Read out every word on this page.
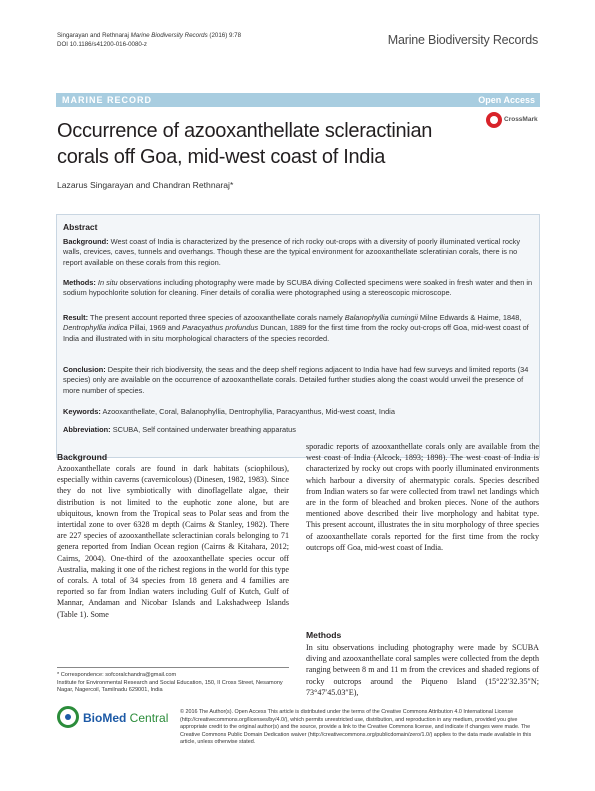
Singarayan and Rethnaraj Marine Biodiversity Records (2016) 9:78
DOI 10.1186/s41200-016-0080-z	Marine Biodiversity Records
MARINE RECORD	Open Access
Occurrence of azooxanthellate scleractinian corals off Goa, mid-west coast of India
CrossMark
Lazarus Singarayan and Chandran Rethnaraj*
Abstract

Background: West coast of India is characterized by the presence of rich rocky out-crops with a diversity of poorly illuminated vertical rocky walls, crevices, caves, tunnels and overhangs. Though these are the typical environment for azooxanthellate scleratinian corals, there is no report available on these corals from this region.

Methods: In situ observations including photography were made by SCUBA diving Collected specimens were soaked in fresh water and then in sodium hypochlorite solution for cleaning. Finer details of corallia were photographed using a stereoscopic microscope.

Result: The present account reported three species of azooxanthellate corals namely Balanophyllia cumingii Milne Edwards & Haime, 1848, Dentrophyllia indica Pillai, 1969 and Paracyathus profundus Duncan, 1889 for the first time from the rocky out-crops off Goa, mid-west coast of India and illustrated with in situ morphological characters of the species recorded.

Conclusion: Despite their rich biodiversity, the seas and the deep shelf regions adjacent to India have had few surveys and limited reports (34 species) only are available on the occurrence of azooxanthellate corals. Detailed further studies along the coast would unveil the presence of more number of species.

Keywords: Azooxanthellate, Coral, Balanophyllia, Dentrophyllia, Paracyanthus, Mid-west coast, India

Abbreviation: SCUBA, Self contained underwater breathing apparatus

Background

Azooxanthellate corals are found in dark habitats (sciophilous), especially within caverns (cavernicolous) (Dinesen, 1982, 1983). Since they do not live symbiotically with dinoflagellate algae, their distribution is not limited to the euphotic zone alone, but are ubiquitous, known from the Tropical seas to Polar seas and from the intertidal zone to over 6328 m depth (Cairns & Stanley, 1982). There are 227 species of azooxanthellate scleractinian corals belonging to 71 genera reported from Indian Ocean region (Cairns & Kitahara, 2012; Cairns, 2004). One-third of the azooxanthellate species occur off Australia, making it one of the richest regions in the world for this type of corals. A total of 34 species from 18 genera and 4 families are reported so far from Indian waters including Gulf of Kutch, Gulf of Mannar, Andaman and Nicobar Islands and Lakshadweep Islands (Table 1). Some

sporadic reports of azooxanthellate corals only are available from the west coast of India (Alcock, 1893; 1898). The west coast of India is characterized by rocky out crops with poorly illuminated environments which harbour a diversity of ahermatypic corals. Species described from Indian waters so far were collected from trawl net landings which are in the form of bleached and broken pieces. None of the authors mentioned above described their live morphology and habitat type. This present account, illustrates the in situ morphology of three species of azooxanthellate corals reported for the first time from the rocky outcrops off Goa, mid-west coast of India.

Methods

In situ observations including photography were made by SCUBA diving and azooxanthellate coral samples were collected from the depth ranging between 8 m and 11 m from the crevices and shaded regions of rocky outcrops around the Piqueno Island (15°22′32.35″N; 73°47′45.03″E),

* Correspondence: sofcoralchandra@gmail.com
Institute for Environmental Research and Social Education, 150, II Cross Street, Nesamony Nagar, Nagercoil, Tamilnadu 629001, India
BioMed Central © 2016 The Author(s). Open Access This article is distributed under the terms of the Creative Commons Attribution 4.0 International License (http://creativecommons.org/licenses/by/4.0/), which permits unrestricted use, distribution, and reproduction in any medium, provided you give appropriate credit to the original author(s) and the source, provide a link to the Creative Commons license, and indicate if changes were made. The Creative Commons Public Domain Dedication waiver (http://creativecommons.org/publicdomain/zero/1.0/) applies to the data made available in this article, unless otherwise stated.
